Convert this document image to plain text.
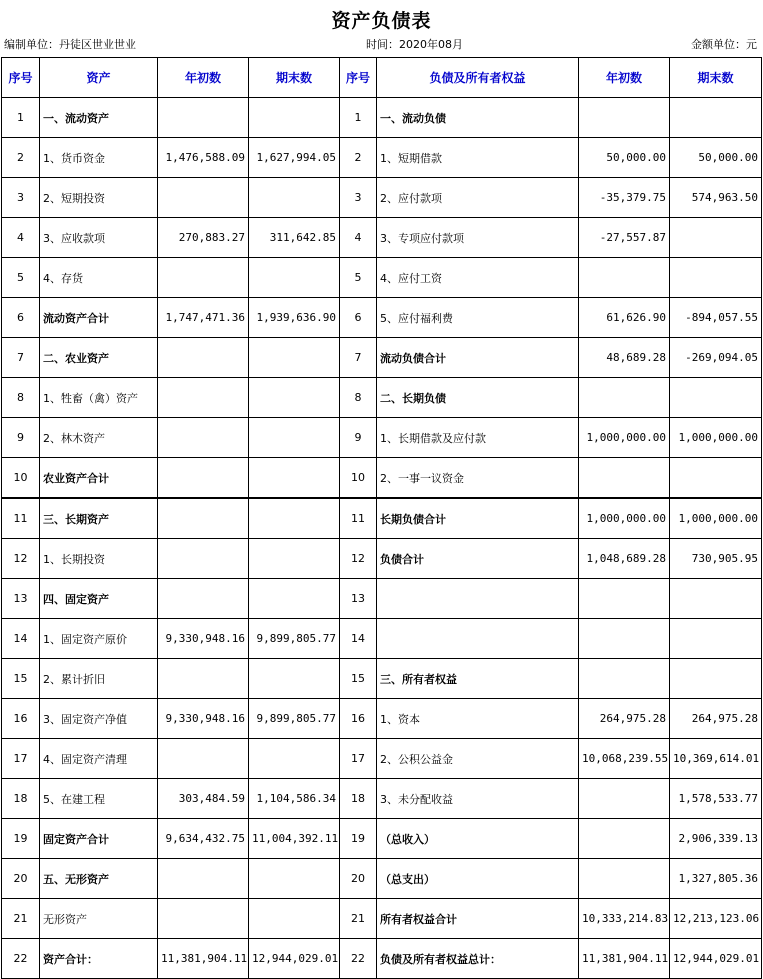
资产负债表
编制单位：丹徒区世业世业	时间：2020年08月	金额单位：元
序号	资产	年初数	期末数	序号	负债及所有者权益	年初数	期末数
1	一、流动资产			1	一、流动负债		
2	1、货币资金	1,476,588.09	1,627,994.05	2	1、短期借款	50,000.00	50,000.00
3	2、短期投资			3	2、应付款项	-35,379.75	574,963.50
4	3、应收款项	270,883.27	311,642.85	4	3、专项应付款项	-27,557.87	
5	4、存货			5	4、应付工资		
6	流动资产合计	1,747,471.36	1,939,636.90	6	5、应付福利费	61,626.90	-894,057.55
7	二、农业资产			7	流动负债合计	48,689.28	-269,094.05
8	1、牲畜（禽）资产			8	二、长期负债		
9	2、林木资产			9	1、长期借款及应付款	1,000,000.00	1,000,000.00
10	农业资产合计			10	2、一事一议资金		
11	三、长期资产			11	长期负债合计	1,000,000.00	1,000,000.00
12	1、长期投资			12	负债合计	1,048,689.28	730,905.95
13	四、固定资产			13			
14	1、固定资产原价	9,330,948.16	9,899,805.77	14			
15	2、累计折旧			15	三、所有者权益		
16	3、固定资产净值	9,330,948.16	9,899,805.77	16	1、资本	264,975.28	264,975.28
17	4、固定资产清理			17	2、公积公益金	10,068,239.55	10,369,614.01
18	5、在建工程	303,484.59	1,104,586.34	18	3、未分配收益		1,578,533.77
19	固定资产合计	9,634,432.75	11,004,392.11	19	（总收入）		2,906,339.13
20	五、无形资产			20	（总支出）		1,327,805.36
21	无形资产			21	所有者权益合计	10,333,214.83	12,213,123.06
22	资产合计：	11,381,904.11	12,944,029.01	22	负债及所有者权益总计：	11,381,904.11	12,944,029.01
